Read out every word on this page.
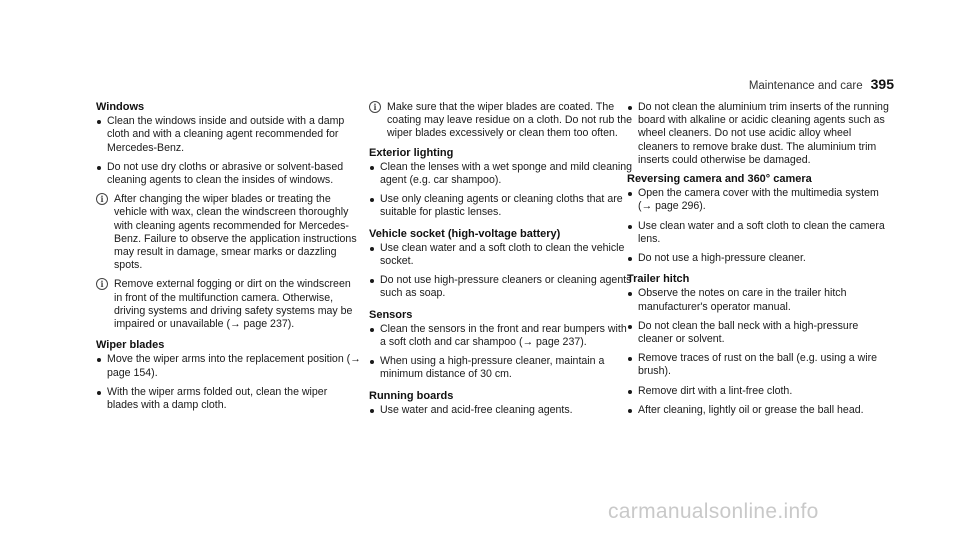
Maintenance and care 395
Windows
Clean the windows inside and outside with a damp cloth and with a cleaning agent recommended for Mercedes-Benz.
Do not use dry cloths or abrasive or solvent-based cleaning agents to clean the insides of windows.
i After changing the wiper blades or treating the vehicle with wax, clean the windscreen thoroughly with cleaning agents recommended for Mercedes-Benz. Failure to observe the application instructions may result in damage, smear marks or dazzling spots.
i Remove external fogging or dirt on the windscreen in front of the multifunction camera. Otherwise, driving systems and driving safety systems may be impaired or unavailable (→ page 237).
Wiper blades
Move the wiper arms into the replacement position (→ page 154).
With the wiper arms folded out, clean the wiper blades with a damp cloth.
i Make sure that the wiper blades are coated. The coating may leave residue on a cloth. Do not rub the wiper blades excessively or clean them too often.
Exterior lighting
Clean the lenses with a wet sponge and mild cleaning agent (e.g. car shampoo).
Use only cleaning agents or cleaning cloths that are suitable for plastic lenses.
Vehicle socket (high-voltage battery)
Use clean water and a soft cloth to clean the vehicle socket.
Do not use high-pressure cleaners or cleaning agents such as soap.
Sensors
Clean the sensors in the front and rear bumpers with a soft cloth and car shampoo (→ page 237).
When using a high-pressure cleaner, maintain a minimum distance of 30 cm.
Running boards
Use water and acid-free cleaning agents.
Do not clean the aluminium trim inserts of the running board with alkaline or acidic cleaning agents such as wheel cleaners. Do not use acidic alloy wheel cleaners to remove brake dust. The aluminium trim inserts could otherwise be damaged.
Reversing camera and 360° camera
Open the camera cover with the multimedia system (→ page 296).
Use clean water and a soft cloth to clean the camera lens.
Do not use a high-pressure cleaner.
Trailer hitch
Observe the notes on care in the trailer hitch manufacturer's operator manual.
Do not clean the ball neck with a high-pressure cleaner or solvent.
Remove traces of rust on the ball (e.g. using a wire brush).
Remove dirt with a lint-free cloth.
After cleaning, lightly oil or grease the ball head.
carmanualsonline.info
